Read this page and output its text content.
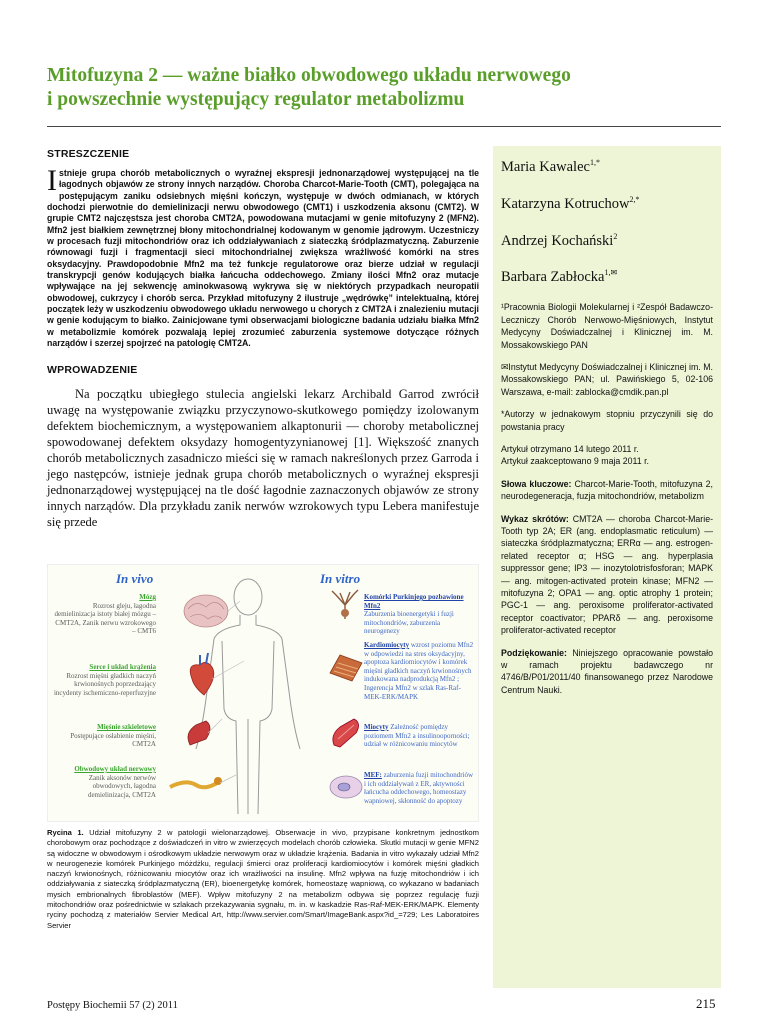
Mitofuzyna 2 — ważne białko obwodowego układu nerwowego
i powszechnie występujący regulator metabolizmu
STRESZCZENIE
Istnieje grupa chorób metabolicznych o wyraźnej ekspresji jednonarządowej występującej na tle łagodnych objawów ze strony innych narządów. Choroba Charcot-Marie-Tooth (CMT), polegająca na postępującym zaniku odsiebnych mięśni kończyn, występuje w dwóch odmianach, w których dochodzi pierwotnie do demielinizacji nerwu obwodowego (CMT1) i uszkodzenia aksonu (CMT2). W grupie CMT2 najczęstsza jest choroba CMT2A, powodowana mutacjami w genie mitofuzyny 2 (MFN2). Mfn2 jest białkiem zewnętrznej błony mitochondrialnej kodowanym w genomie jądrowym. Uczestniczy w procesach fuzji mitochondriów oraz ich oddziaływaniach z siateczką śródplazmatyczną. Zaburzenie równowagi fuzji i fragmentacji sieci mitochondrialnej zwiększa wrażliwość komórki na stres oksydacyjny. Prawdopodobnie Mfn2 ma też funkcje regulatorowe oraz bierze udział w regulacji transkrypcji genów kodujących białka łańcucha oddechowego. Zmiany ilości Mfn2 oraz mutacje wpływające na jej sekwencję aminokwasową wykrywa się w niektórych przypadkach neuropatii obwodowej, cukrzycy i chorób serca. Przykład mitofuzyny 2 ilustruje „wędrówkę” intelektualną, której początek leży w uszkodzeniu obwodowego układu nerwowego u chorych z CMT2A i znalezieniu mutacji w genie kodującym to białko. Zainicjowane tymi obserwacjami biologiczne badania udziału białka Mfn2 w metabolizmie komórek pozwalają lepiej zrozumieć zaburzenia systemowe dotyczące różnych narządów i szerzej spojrzeć na patologię CMT2A.
WPROWADZENIE
Na początku ubiegłego stulecia angielski lekarz Archibald Garrod zwrócił uwagę na występowanie związku przyczynowo-skutkowego pomiędzy izolowanym defektem biochemicznym, a występowaniem alkaptonurii — choroby metabolicznej spowodowanej defektem oksydazy homogentyzynianowej [1]. Większość znanych chorób metabolicznych zasadniczo mieści się w ramach nakreślonych przez Garroda i jego następców, istnieje jednak grupa chorób metabolicznych o wyraźnej ekspresji jednonarządowej występującej na tle dość łagodnie zaznaczonych objawów ze strony innych narządów. Dla przykładu zanik nerwów wzrokowych typu Lebera manifestuje się przede
In vivo	In vitro
Mózg
Rozrost gleju, łagodna demielinizacja istoty białej mózgu – CMT2A, Zanik nerwu wzrokowego – CMT6
Serce i układ krążenia
Rozrost mięśni gładkich naczyń krwionośnych poprzedzający incydenty ischemiczno-reperfuzyjne
Mięśnie szkieletowe
Postępujące osłabienie mięśni, CMT2A
Obwodowy układ nerwowy
Zanik aksonów nerwów obwodowych, łagodna demielinizacja, CMT2A
Komórki Purkinjego pozbawione Mfn2
Zaburzenia bioenergetyki i fuzji mitochondriów, zaburzenia neurogenezy
Kardiomiocyty wzrost poziomu Mfn2 w odpowiedzi na stres oksydacyjny, apoptoza kardiomiocytów i komórek mięśni gładkich naczyń krwionośnych indukowana nadprodukcją Mfn2 ; Ingerencja Mfn2 w szlak Ras-Raf-MEK-ERK/MAPK
Miocyty Zależność pomiędzy poziomem Mfn2 a insulinooporności; udział w różnicowaniu miocytów
MEF: zaburzenia fuzji mitochondriów i ich oddziaływań z ER, aktywności łańcucha oddechowego, homeostazy wapniowej, skłonność do apoptozy
Rycina 1. Udział mitofuzyny 2 w patologii wielonarządowej. Obserwacje in vivo, przypisane konkretnym jednostkom chorobowym oraz pochodzące z doświadczeń in vitro w zwierzęcych modelach chorób człowieka. Skutki mutacji w genie MFN2 są widoczne w obwodowym i ośrodkowym układzie nerwowym oraz w układzie krążenia. Badania in vitro wykazały udział Mfn2 w neurogenezie komórek Purkinjego móżdżku, regulacji śmierci oraz proliferacji kardiomiocytów i komórek mięśni gładkich naczyń krwionośnych, różnicowaniu miocytów oraz ich wrażliwości na insulinę. Mfn2 wpływa na fuzję mitochondriów i ich oddziaływania z siateczką śródplazmatyczną (ER), bioenergetykę komórek, homeostazę wapniową, co wykazano w badaniach mysich embrionalnych fibroblastów (MEF). Wpływ mitofuzyny 2 na metabolizm odbywa się poprzez regulację fuzji mitochondriów oraz pośrednictwie w szlakach przekazywania sygnału, m. in. w kaskadzie Ras-Raf-MEK-ERK/MAPK. Elementy ryciny pochodzą z materiałów Servier Medical Art, http://www.servier.com/Smart/ImageBank.aspx?id_=729; Les Laboratoires Servier
Maria Kawalec$^{1,*}$
Katarzyna Kotruchow$^{2,*}$
Andrzej Kochański$^2$
Barbara Zabłocka$^{1,✉}$
¹Pracownia Biologii Molekularnej i ²Zespół Badawczo-Leczniczy Chorób Nerwowo-Mięśniowych, Instytut Medycyny Doświadczalnej i Klinicznej im. M. Mossakowskiego PAN
✉Instytut Medycyny Doświadczalnej i Klinicznej im. M. Mossakowskiego PAN; ul. Pawińskiego 5, 02-106 Warszawa, e-mail: zablocka@cmdik.pan.pl
*Autorzy w jednakowym stopniu przyczynili się do powstania pracy
Artykuł otrzymano 14 lutego 2011 r.
Artykuł zaakceptowano 9 maja 2011 r.
Słowa kluczowe: Charcot-Marie-Tooth, mitofuzyna 2, neurodegeneracja, fuzja mitochondriów, metabolizm
Wykaz skrótów: CMT2A — choroba Charcot-Marie-Tooth typ 2A; ER (ang. endoplasmatic reticulum) — siateczka śródplazmatyczna; ERRα — ang. estrogen-related receptor α; HSG — ang. hyperplasia suppressor gene; IP3 — inozytolotrisfosforan; MAPK — ang. mitogen-activated protein kinase; MFN2 — mitofuzyna 2; OPA1 — ang. optic atrophy 1 protein; PGC-1 — ang. peroxisome proliferator-activated receptor coactivator; PPARδ — ang. peroxisome proliferator-activated receptor
Podziękowanie: Niniejszego opracowanie powstało w ramach projektu badawczego nr 4746/B/P01/2011/40 finansowanego przez Narodowe Centrum Nauki.
Postępy Biochemii 57 (2) 2011	215
